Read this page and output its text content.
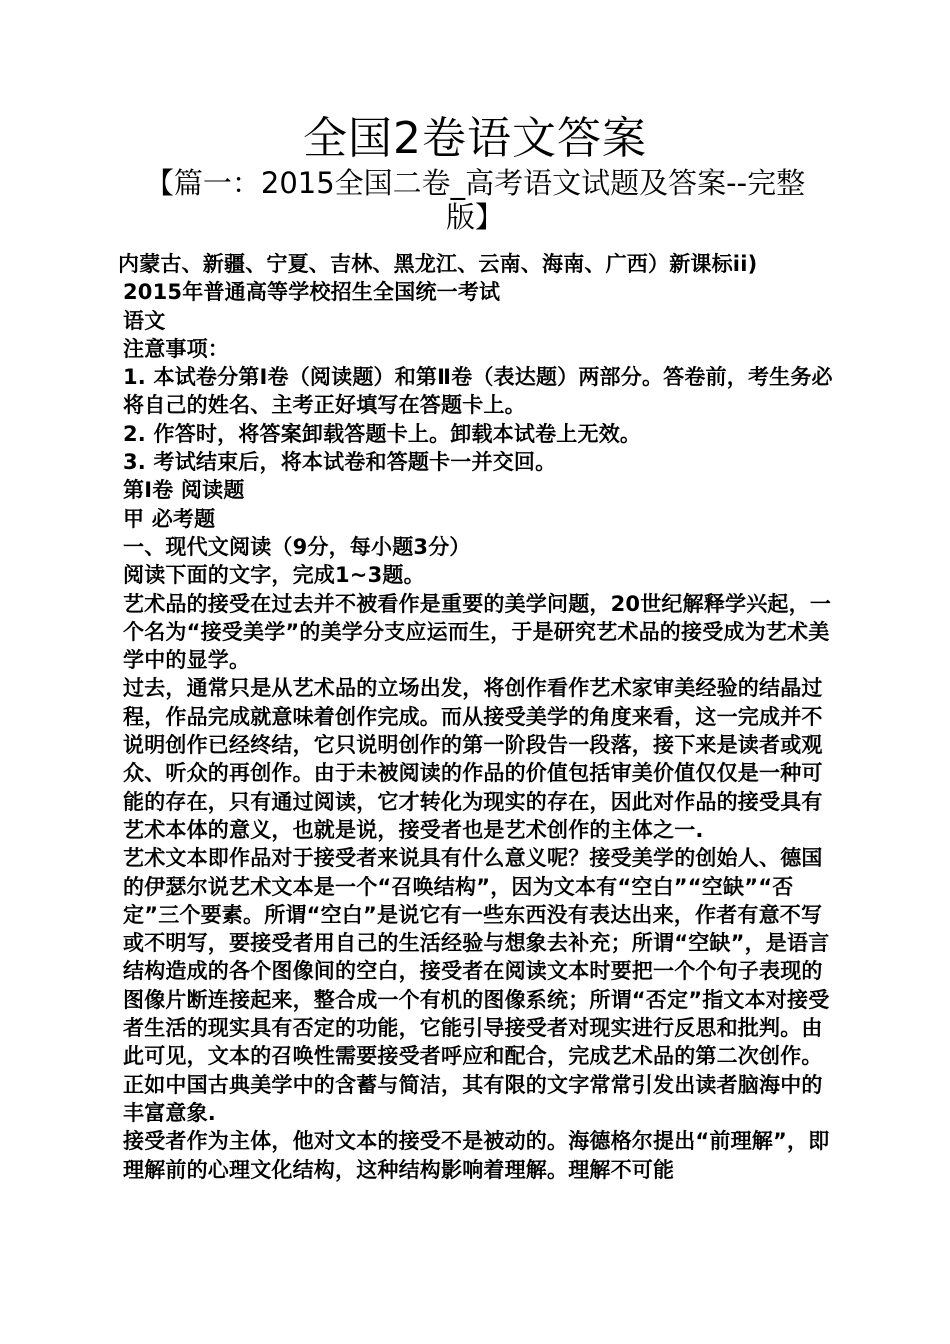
全国2卷语文答案
【篇一：2015全国二卷_高考语文试题及答案--完整版】

内蒙古、新疆、宁夏、吉林、黑龙江、云南、海南、广西）新课标ii)

2015年普通高等学校招生全国统一考试

语文

注意事项：

1. 本试卷分第Ⅰ卷（阅读题）和第Ⅱ卷（表达题）两部分。答卷前，考生务必将自己的姓名、主考正好填写在答题卡上。

2. 作答时，将答案卸载答题卡上。卸载本试卷上无效。

3. 考试结束后，将本试卷和答题卡一并交回。

第Ⅰ卷 阅读题

甲 必考题

一、现代文阅读（9分，每小题3分）

阅读下面的文字，完成1~3题。

艺术品的接受在过去并不被看作是重要的美学问题，20世纪解释学兴起，一个名为“接受美学”的美学分支应运而生，于是研究艺术品的接受成为艺术美学中的显学。

过去，通常只是从艺术品的立场出发，将创作看作艺术家审美经验的结晶过程，作品完成就意味着创作完成。而从接受美学的角度来看，这一完成并不说明创作已经终结，它只说明创作的第一阶段告一段落，接下来是读者或观众、听众的再创作。由于未被阅读的作品的价值包括审美价值仅仅是一种可能的存在，只有通过阅读，它才转化为现实的存在，因此对作品的接受具有艺术本体的意义，也就是说，接受者也是艺术创作的主体之一.

艺术文本即作品对于接受者来说具有什么意义呢？接受美学的创始人、德国的伊瑟尔说艺术文本是一个“召唤结构”，因为文本有“空白”“空缺”“否定”三个要素。所谓“空白”是说它有一些东西没有表达出来，作者有意不写或不明写，要接受者用自己的生活经验与想象去补充；所谓“空缺”，是语言结构造成的各个图像间的空白，接受者在阅读文本时要把一个个句子表现的图像片断连接起来，整合成一个有机的图像系统；所谓“否定”指文本对接受者生活的现实具有否定的功能，它能引导接受者对现实进行反思和批判。由此可见，文本的召唤性需要接受者呼应和配合，完成艺术品的第二次创作。正如中国古典美学中的含蓄与简洁，其有限的文字常常引发出读者脑海中的丰富意象.

接受者作为主体，他对文本的接受不是被动的。海德格尔提出“前理解”，即理解前的心理文化结构，这种结构影响着理解。理解不可能
